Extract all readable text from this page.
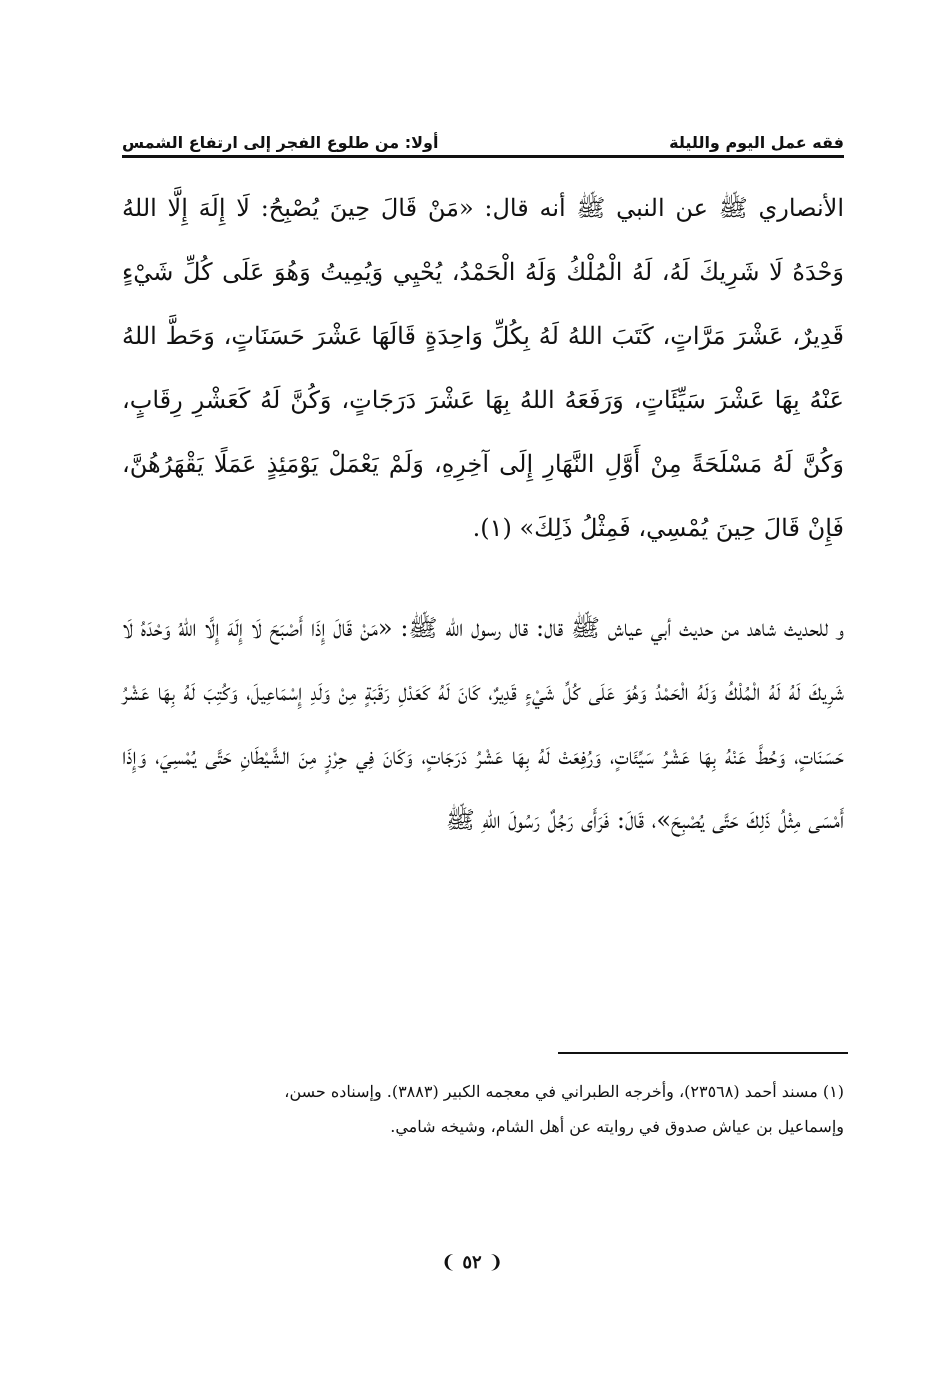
فقه عمل اليوم والليلة
أولا: من طلوع الفجر إلى ارتفاع الشمس

الأنصاري ﷺ عن النبي ﷺ أنه قال: «مَنْ قَالَ حِينَ يُصْبِحُ: لَا إِلَهَ إِلَّا اللهُ وَحْدَهُ لَا شَرِيكَ لَهُ، لَهُ الْمُلْكُ وَلَهُ الْحَمْدُ، يُحْيِي وَيُمِيتُ وَهُوَ عَلَى كُلِّ شَيْءٍ قَدِيرٌ، عَشْرَ مَرَّاتٍ، كَتَبَ اللهُ لَهُ بِكُلِّ وَاحِدَةٍ قَالَهَا عَشْرَ حَسَنَاتٍ، وَحَطَّ اللهُ عَنْهُ بِهَا عَشْرَ سَيِّئَاتٍ، وَرَفَعَهُ اللهُ بِهَا عَشْرَ دَرَجَاتٍ، وَكُنَّ لَهُ كَعَشْرِ رِقَابٍ، وَكُنَّ لَهُ مَسْلَحَةً مِنْ أَوَّلِ النَّهَارِ إِلَى آخِرِهِ، وَلَمْ يَعْمَلْ يَوْمَئِذٍ عَمَلًا يَقْهَرُهُنَّ، فَإِنْ قَالَ حِينَ يُمْسِي، فَمِثْلُ ذَلِكَ» (١).

و للحديث شاهد من حديث أبي عياش ﷺ قال: قال رسول الله ﷺ: «مَنْ قَالَ إِذَا أَصْبَحَ لَا إِلَهَ إِلَّا اللهُ وَحْدَهُ لَا شَرِيكَ لَهُ لَهُ الْمُلْكُ وَلَهُ الْحَمْدُ وَهُوَ عَلَى كُلِّ شَيْءٍ قَدِيرٌ، كَانَ لَهُ كَعَدْلِ رَقَبَةٍ مِنْ وَلَدِ إِسْمَاعِيلَ، وَكُتِبَ لَهُ بِهَا عَشْرُ حَسَنَاتٍ، وَحُطَّ عَنْهُ بِهَا عَشْرُ سَيِّئَاتٍ، وَرُفِعَتْ لَهُ بِهَا عَشْرُ دَرَجَاتٍ، وَكَانَ فِي حِرْزٍ مِنَ الشَّيْطَانِ حَتَّى يُمْسِيَ، وَإِذَا أَمْسَى مِثْلُ ذَلِكَ حَتَّى يُصْبِحَ»، قَالَ: فَرَأَى رَجُلٌ رَسُولَ اللهِ ﷺ

(١) مسند أحمد (٢٣٥٦٨)، وأخرجه الطبراني في معجمه الكبير (٣٨٨٣). وإسناده حسن،

وإسماعيل بن عياش صدوق في روايته عن أهل الشام، وشيخه شامي.

❨ ٥٢ ❩
